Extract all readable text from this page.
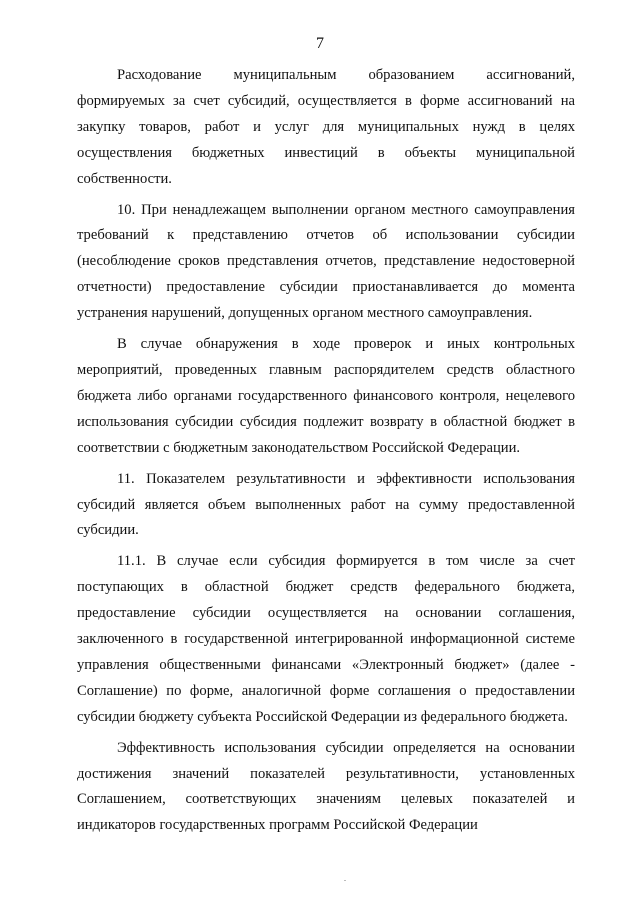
7

Расходование муниципальным образованием ассигнований, формируемых за счет субсидий, осуществляется в форме ассигнований на закупку товаров, работ и услуг для муниципальных нужд в целях осуществления бюджетных инвестиций в объекты муниципальной собственности.

10. При ненадлежащем выполнении органом местного самоуправления требований к представлению отчетов об использовании субсидии (несоблюдение сроков представления отчетов, представление недостоверной отчетности) предоставление субсидии приостанавливается до момента устранения нарушений, допущенных органом местного самоуправления.

В случае обнаружения в ходе проверок и иных контрольных мероприятий, проведенных главным распорядителем средств областного бюджета либо органами государственного финансового контроля, нецелевого использования субсидии субсидия подлежит возврату в областной бюджет в соответствии с бюджетным законодательством Российской Федерации.

11. Показателем результативности и эффективности использования субсидий является объем выполненных работ на сумму предоставленной субсидии.

11.1. В случае если субсидия формируется в том числе за счет поступающих в областной бюджет средств федерального бюджета, предоставление субсидии осуществляется на основании соглашения, заключенного в государственной интегрированной информационной системе управления общественными финансами «Электронный бюджет» (далее - Соглашение) по форме, аналогичной форме соглашения о предоставлении субсидии бюджету субъекта Российской Федерации из федерального бюджета.

Эффективность использования субсидии определяется на основании достижения значений показателей результативности, установленных Соглашением, соответствующих значениям целевых показателей и индикаторов государственных программ Российской Федерации
